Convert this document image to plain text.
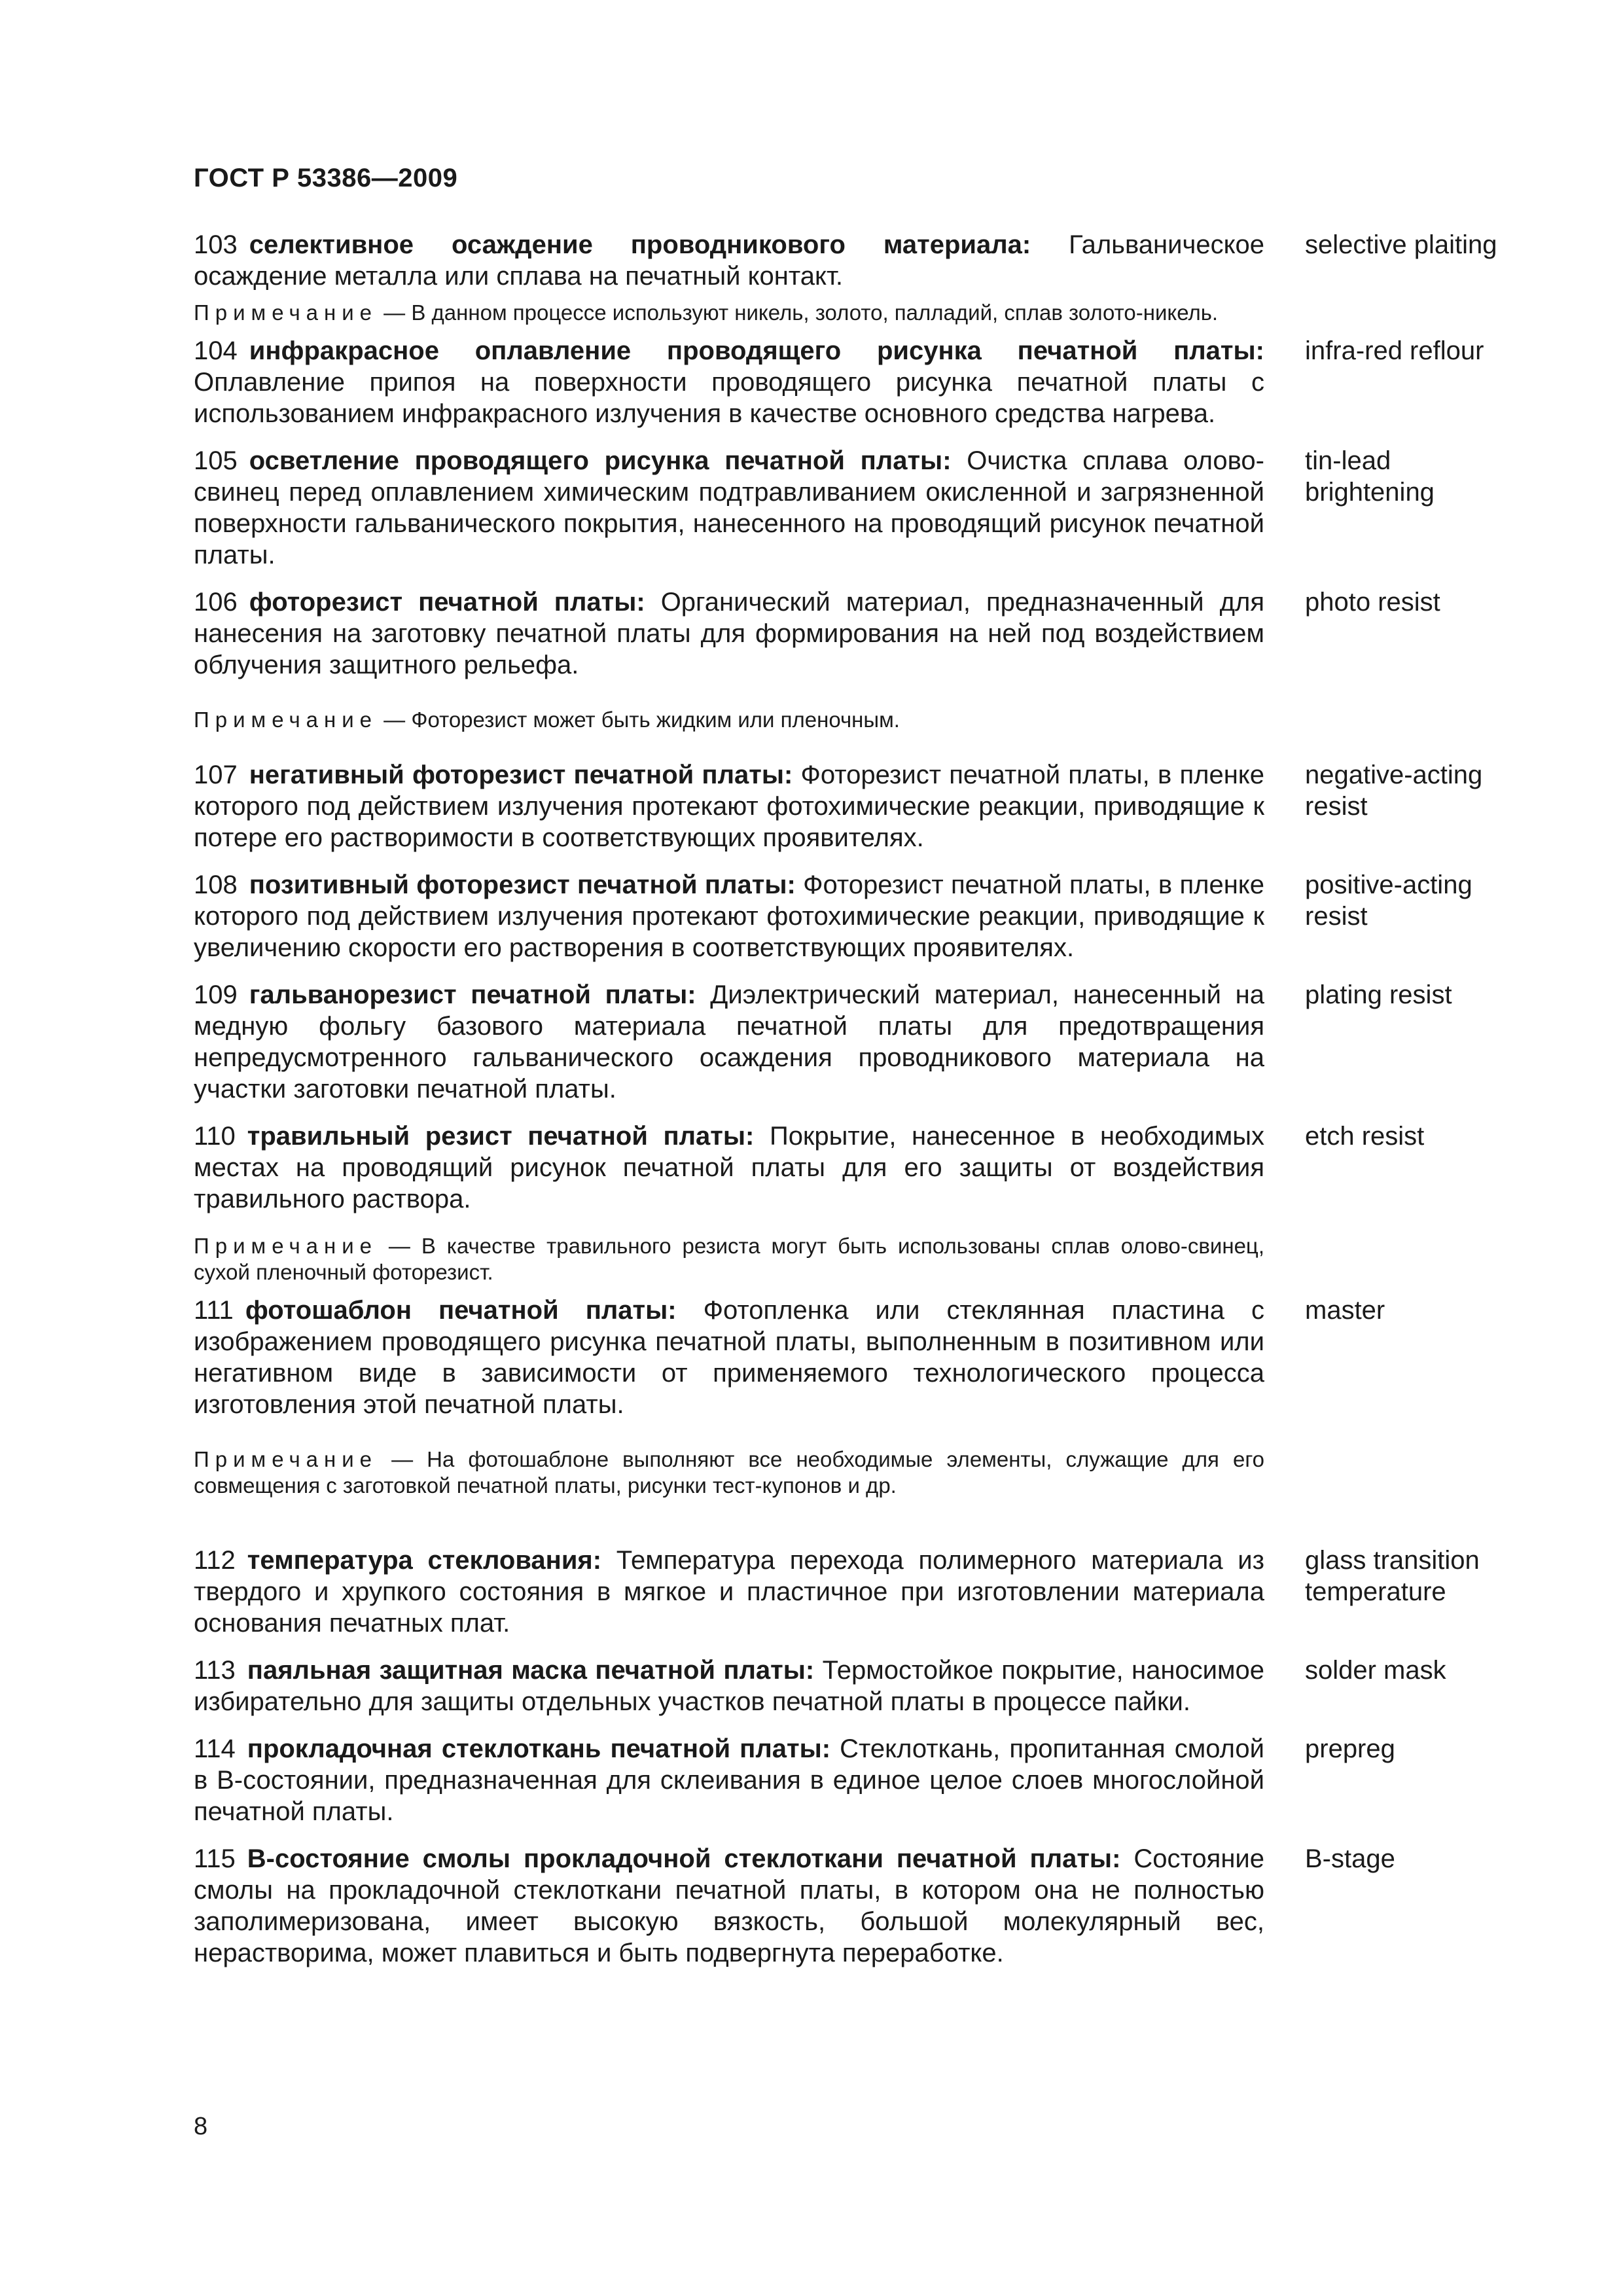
ГОСТ Р 53386—2009
103 селективное осаждение проводникового материала: Гальваническое осаждение металла или сплава на печатный контакт.
selective plaiting
Примечание — В данном процессе используют никель, золото, палладий, сплав золото-никель.
104 инфракрасное оплавление проводящего рисунка печатной платы: Оплавление припоя на поверхности проводящего рисунка печатной платы с использованием инфракрасного излучения в качестве основного средства нагрева.
infra-red reflour
105 осветление проводящего рисунка печатной платы: Очистка сплава олово-свинец перед оплавлением химическим подтравливанием окисленной и загрязненной поверхности гальванического покрытия, нанесенного на проводящий рисунок печатной платы.
tin-lead brightening
106 фоторезист печатной платы: Органический материал, предназначенный для нанесения на заготовку печатной платы для формирования на ней под воздействием облучения защитного рельефа.
photo resist
Примечание — Фоторезист может быть жидким или пленочным.
107 негативный фоторезист печатной платы: Фоторезист печатной платы, в пленке которого под действием излучения протекают фотохимические реакции, приводящие к потере его растворимости в соответствующих проявителях.
negative-acting resist
108 позитивный фоторезист печатной платы: Фоторезист печатной платы, в пленке которого под действием излучения протекают фотохимические реакции, приводящие к увеличению скорости его растворения в соответствующих проявителях.
positive-acting resist
109 гальванорезист печатной платы: Диэлектрический материал, нанесенный на медную фольгу базового материала печатной платы для предотвращения непредусмотренного гальванического осаждения проводникового материала на участки заготовки печатной платы.
plating resist
110 травильный резист печатной платы: Покрытие, нанесенное в необходимых местах на проводящий рисунок печатной платы для его защиты от воздействия травильного раствора.
etch resist
Примечание — В качестве травильного резиста могут быть использованы сплав олово-свинец, сухой пленочный фоторезист.
111 фотошаблон печатной платы: Фотопленка или стеклянная пластина с изображением проводящего рисунка печатной платы, выполненным в позитивном или негативном виде в зависимости от применяемого технологического процесса изготовления этой печатной платы.
master
Примечание — На фотошаблоне выполняют все необходимые элементы, служащие для его совмещения с заготовкой печатной платы, рисунки тест-купонов и др.
112 температура стеклования: Температура перехода полимерного материала из твердого и хрупкого состояния в мягкое и пластичное при изготовлении материала основания печатных плат.
glass transition temperature
113 паяльная защитная маска печатной платы: Термостойкое покрытие, наносимое избирательно для защиты отдельных участков печатной платы в процессе пайки.
solder mask
114 прокладочная стеклоткань печатной платы: Стеклоткань, пропитанная смолой в B-состоянии, предназначенная для склеивания в единое целое слоев многослойной печатной платы.
prepreg
115 B-состояние смолы прокладочной стеклоткани печатной платы: Состояние смолы на прокладочной стеклоткани печатной платы, в котором она не полностью заполимеризована, имеет высокую вязкость, большой молекулярный вес, нерастворима, может плавиться и быть подвергнута переработке.
B-stage
8
